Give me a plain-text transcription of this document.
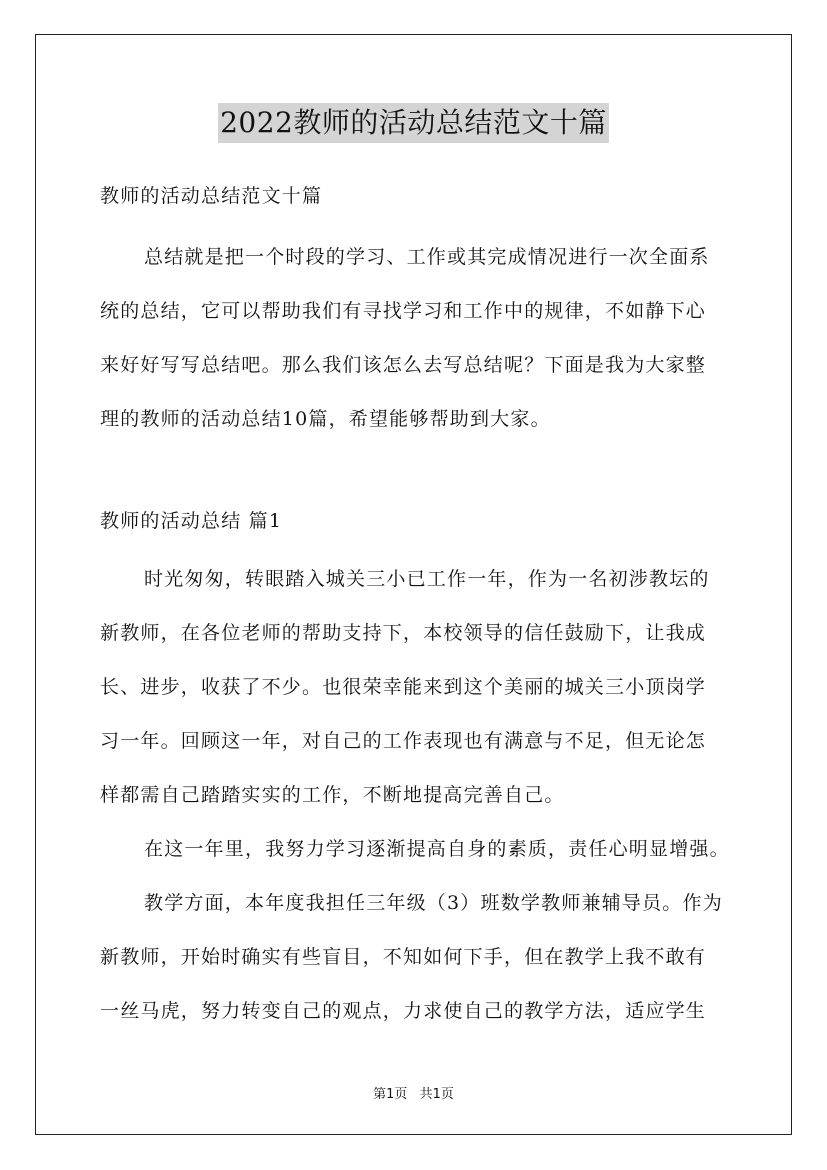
2022教师的活动总结范文十篇
教师的活动总结范文十篇
总结就是把一个时段的学习、工作或其完成情况进行一次全面系
统的总结，它可以帮助我们有寻找学习和工作中的规律，不如静下心
来好好写写总结吧。那么我们该怎么去写总结呢？下面是我为大家整
理的教师的活动总结10篇，希望能够帮助到大家。
教师的活动总结 篇1
时光匆匆，转眼踏入城关三小已工作一年，作为一名初涉教坛的
新教师，在各位老师的帮助支持下，本校领导的信任鼓励下，让我成
长、进步，收获了不少。也很荣幸能来到这个美丽的城关三小顶岗学
习一年。回顾这一年，对自己的工作表现也有满意与不足，但无论怎
样都需自己踏踏实实的工作，不断地提高完善自己。
在这一年里，我努力学习逐渐提高自身的素质，责任心明显增强。
教学方面，本年度我担任三年级（3）班数学教师兼辅导员。作为
新教师，开始时确实有些盲目，不知如何下手，但在教学上我不敢有
一丝马虎，努力转变自己的观点，力求使自己的教学方法，适应学生
第1页 共1页
